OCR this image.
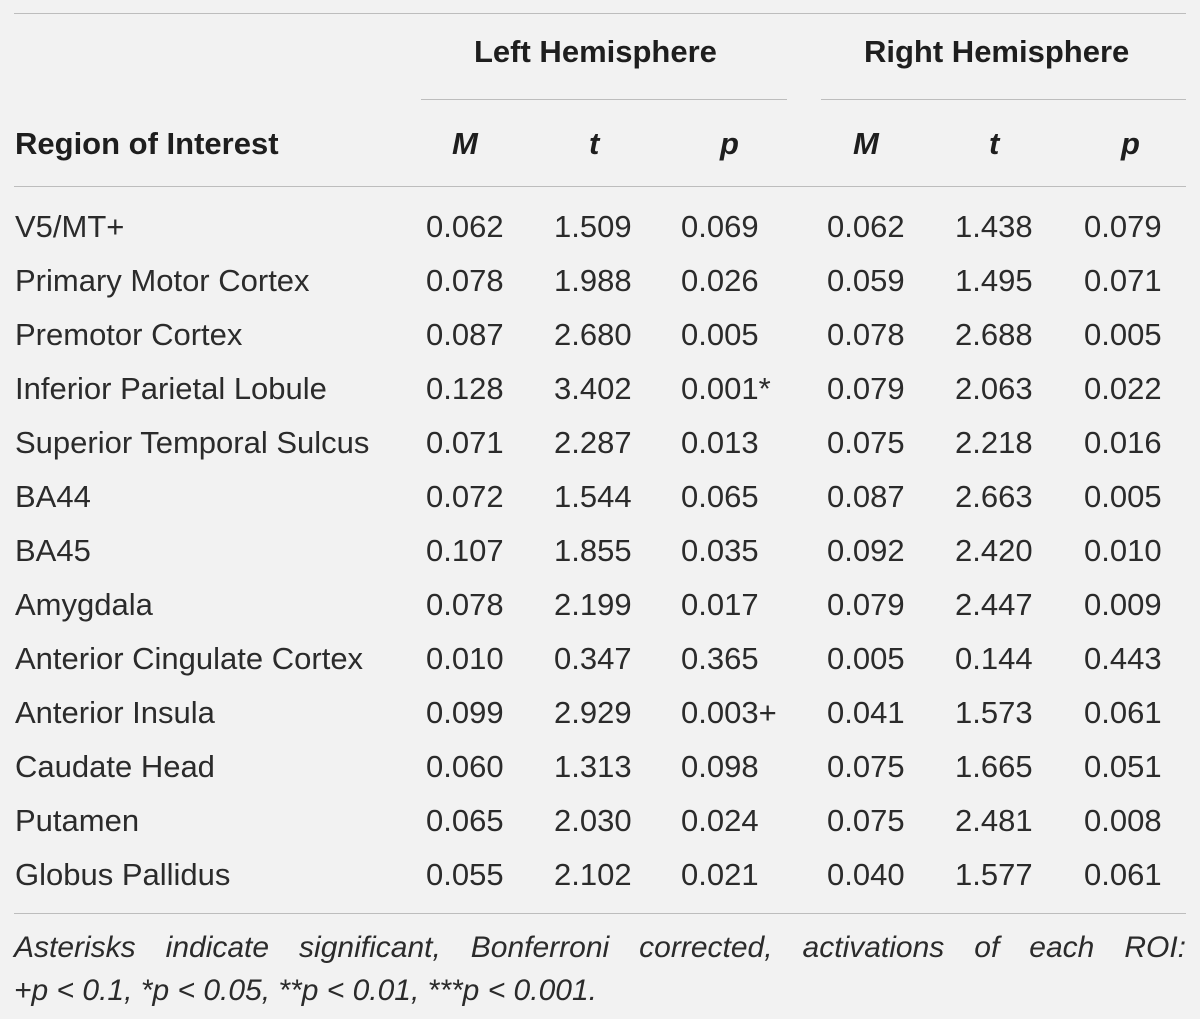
Left Hemisphere	Right Hemisphere
Region of Interest	M	t	p	M	t	p
V5/MT+	0.062 1.509 0.069 0.062 1.438 0.079
Primary Motor Cortex	0.078 1.988 0.026 0.059 1.495 0.071
Premotor Cortex	0.087 2.680 0.005 0.078 2.688 0.005
Inferior Parietal Lobule	0.128 3.402 0.001* 0.079 2.063 0.022
Superior Temporal Sulcus 0.071 2.287 0.013 0.075 2.218 0.016
BA44	0.072 1.544 0.065 0.087 2.663 0.005
BA45	0.107 1.855 0.035 0.092 2.420 0.010
Amygdala	0.078 2.199 0.017 0.079 2.447 0.009
Anterior Cingulate Cortex 0.010 0.347 0.365 0.005 0.144 0.443
Anterior Insula	0.099 2.929 0.003+ 0.041 1.573 0.061
Caudate Head	0.060 1.313 0.098 0.075 1.665 0.051
Putamen	0.065 2.030 0.024 0.075 2.481 0.008
Globus Pallidus	0.055 2.102 0.021 0.040 1.577 0.061
Asterisks indicate significant, Bonferroni corrected, activations of each ROI:
+p < 0.1, *p < 0.05, **p < 0.01, ***p < 0.001.
